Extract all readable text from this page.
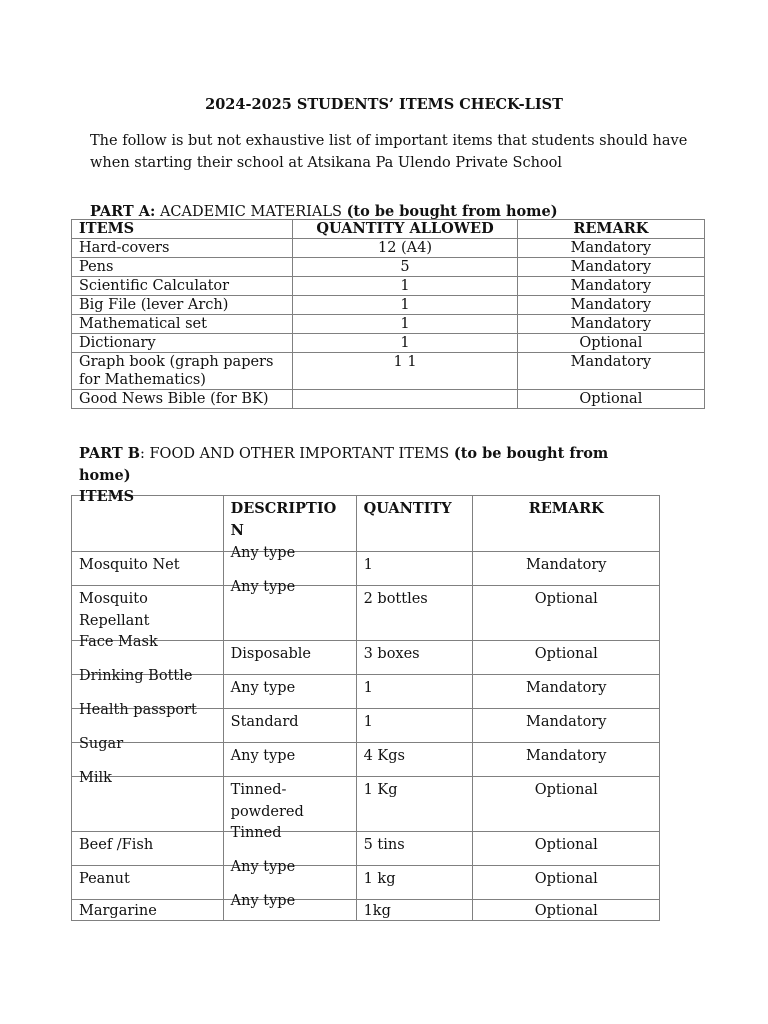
2024-2025 STUDENTS’ ITEMS CHECK-LIST
The follow is but not exhaustive list of important items that students should have when starting their school at Atsikana Pa Ulendo Private School
PART A: ACADEMIC MATERIALS (to be bought from home)
ITEMS	QUANTITY ALLOWED	REMARK
Hard-covers	12 (A4)	Mandatory
Pens	5	Mandatory
Scientific Calculator	1	Mandatory
Big File (lever Arch)	1	Mandatory
Mathematical set	1	Mandatory
Dictionary	1	Optional
Graph book (graph papers for Mathematics)	1 1	Mandatory
Good News Bible (for BK)		Optional
PART B: FOOD AND OTHER IMPORTANT ITEMS (to be bought from home)
ITEMS	DESCRIPTIO N	QUANTITY	REMARK
Mosquito Net	Any type	1	Mandatory
Mosquito Repellant	Any type	2 bottles	Optional

Face Mask	Disposable	3 boxes	Optional

Drinking Bottle	Any type	1	Mandatory

Health passport	Standard	1	Mandatory

Sugar	Any type	4 Kgs	Mandatory

Milk	Tinned- powdered	1 Kg	Optional
Beef /Fish	Tinned	5 tins	Optional
Peanut	Any type	1 kg	Optional
Margarine	Any type	1kg	Optional
